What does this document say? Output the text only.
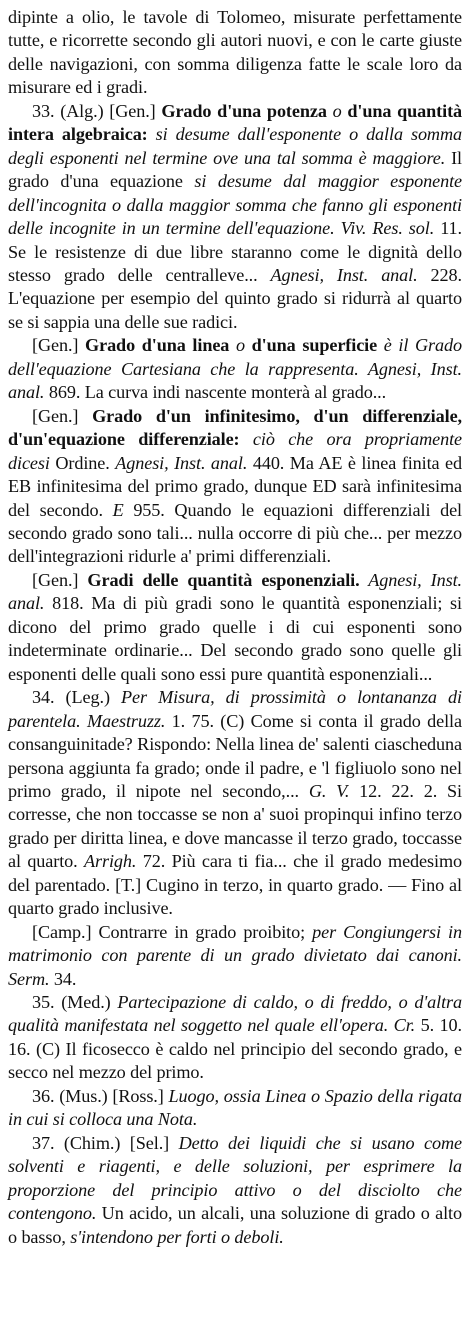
dipinte a olio, le tavole di Tolomeo, misurate perfettamente tutte, e ricorrette secondo gli autori nuovi, e con le carte giuste delle navigazioni, con somma diligenza fatte le scale loro da misurare ed i gradi.

33. (Alg.) [Gen.] Grado d'una potenza o d'una quantità intera algebraica: si desume dall'esponente o dalla somma degli esponenti nel termine ove una tal somma è maggiore. Il grado d'una equazione si desume dal maggior esponente dell'incognita o dalla maggior somma che fanno gli esponenti delle incognite in un termine dell'equazione. Viv. Res. sol. 11. Se le resistenze di due libre staranno come le dignità dello stesso grado delle centralleve... Agnesi, Inst. anal. 228. L'equazione per esempio del quinto grado si ridurrà al quarto se si sappia una delle sue radici.

[Gen.] Grado d'una linea o d'una superficie è il Grado dell'equazione Cartesiana che la rappresenta. Agnesi, Inst. anal. 869. La curva indi nascente monterà al grado...

[Gen.] Grado d'un infinitesimo, d'un differenziale, d'un'equazione differenziale: ciò che ora propriamente dicesi Ordine. Agnesi, Inst. anal. 440. Ma AE è linea finita ed EB infinitesima del primo grado, dunque ED sarà infinitesima del secondo. E 955. Quando le equazioni differenziali del secondo grado sono tali... nulla occorre di più che... per mezzo dell'integrazioni ridurle a' primi differenziali.

[Gen.] Gradi delle quantità esponenziali. Agnesi, Inst. anal. 818. Ma di più gradi sono le quantità esponenziali; si dicono del primo grado quelle i di cui esponenti sono indeterminate ordinarie... Del secondo grado sono quelle gli esponenti delle quali sono essi pure quantità esponenziali...

34. (Leg.) Per Misura, di prossimità o lontananza di parentela. Maestruzz. 1. 75. (C) Come si conta il grado della consanguinitade? Rispondo: Nella linea de' salenti ciascheduna persona aggiunta fa grado; onde il padre, e 'l figliuolo sono nel primo grado, il nipote nel secondo,... G. V. 12. 22. 2. Si corresse, che non toccasse se non a' suoi propinqui infino terzo grado per diritta linea, e dove mancasse il terzo grado, toccasse al quarto. Arrigh. 72. Più cara ti fia... che il grado medesimo del parentado. [T.] Cugino in terzo, in quarto grado. — Fino al quarto grado inclusive.

[Camp.] Contrarre in grado proibito; per Congiungersi in matrimonio con parente di un grado divietato dai canoni. Serm. 34.

35. (Med.) Partecipazione di caldo, o di freddo, o d'altra qualità manifestata nel soggetto nel quale ell'opera. Cr. 5. 10. 16. (C) Il ficosecco è caldo nel principio del secondo grado, e secco nel mezzo del primo.

36. (Mus.) [Ross.] Luogo, ossia Linea o Spazio della rigata in cui si colloca una Nota.

37. (Chim.) [Sel.] Detto dei liquidi che si usano come solventi e riagenti, e delle soluzioni, per esprimere la proporzione del principio attivo o del disciolto che contengono. Un acido, un alcali, una soluzione di grado o alto o basso, s'intendono per forti o deboli.
